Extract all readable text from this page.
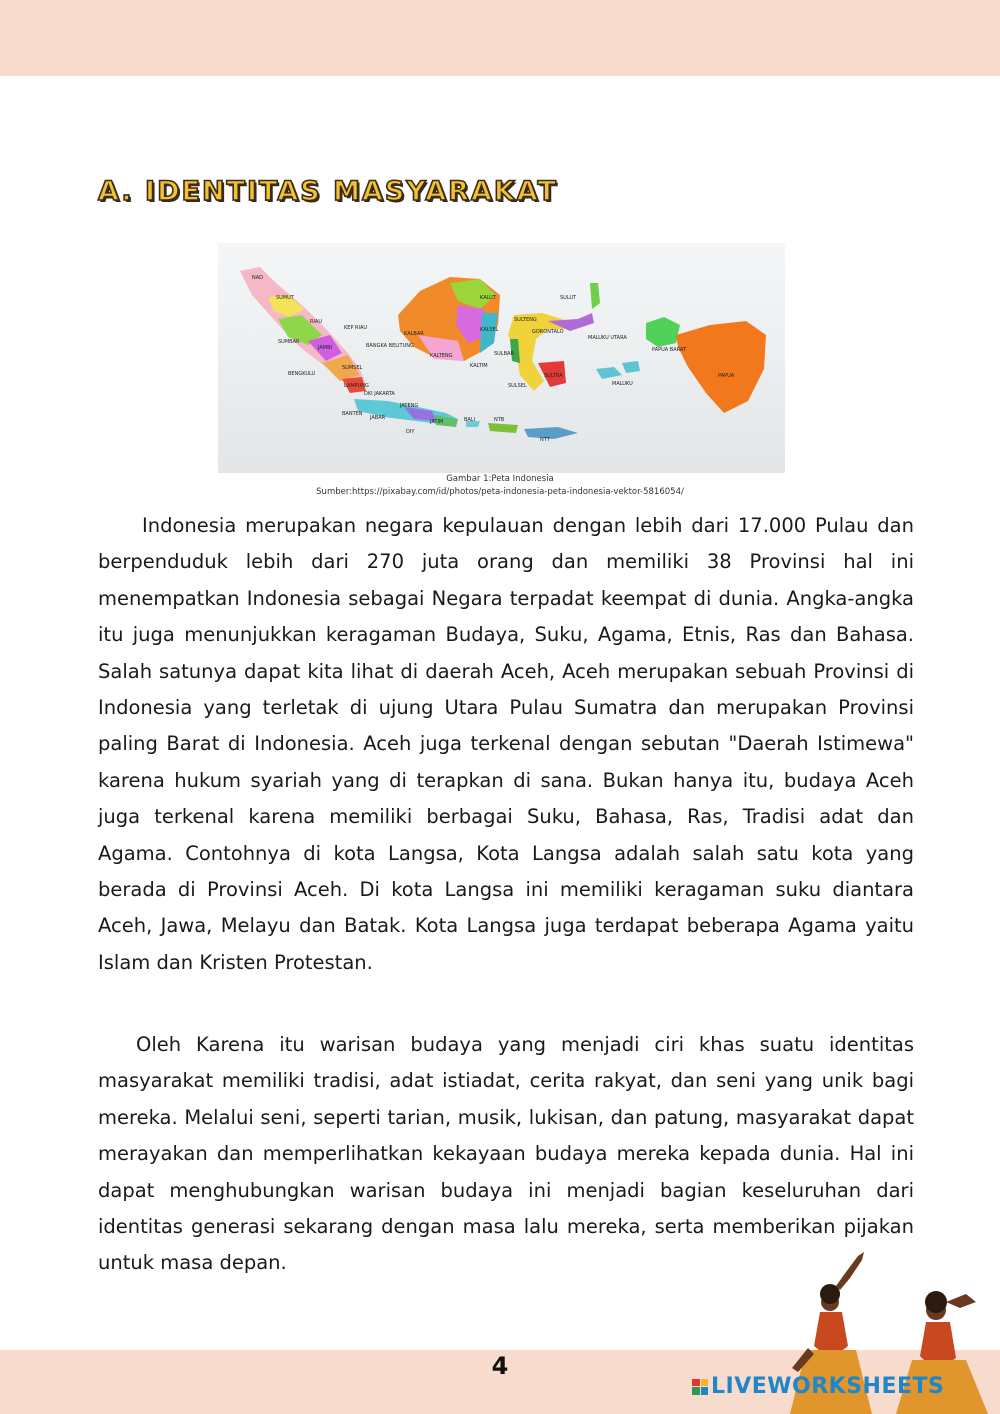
A. IDENTITAS MASYARAKAT
NAD
SUMUT
RIAU
KEP RIAU
SUMBAR
JAMBI	BANGKA BELITUNG
BENGKULU
SUMSEL
LAMPUNG
DKI JAKARTA
BANTEN
JABAR
JATENG
DIY
JATIM	BALI	NTB
NTT
KALBAR
KALTENG
KALSEL
KALTIM
KALUT
SULTENG
SULUT
GORONTALO
SULBAR
SULSEL
SULTRA
MALUKU UTARA
MALUKU
PAPUA BARAT
PAPUA
Gambar 1:Peta Indonesia
Sumber:https://pixabay.com/id/photos/peta-indonesia-peta-indonesia-vektor-5816054/
Indonesia merupakan negara kepulauan dengan lebih dari 17.000 Pulau dan berpenduduk lebih dari 270 juta orang dan memiliki 38 Provinsi hal ini menempatkan Indonesia sebagai Negara terpadat keempat di dunia. Angka-angka itu juga menunjukkan keragaman Budaya, Suku, Agama, Etnis, Ras dan Bahasa. Salah satunya dapat kita lihat di daerah Aceh, Aceh merupakan sebuah Provinsi di Indonesia yang terletak di ujung Utara Pulau Sumatra dan merupakan Provinsi paling Barat di Indonesia. Aceh juga terkenal dengan sebutan "Daerah Istimewa" karena hukum syariah yang di terapkan di sana. Bukan hanya itu, budaya Aceh juga terkenal karena memiliki berbagai Suku, Bahasa, Ras, Tradisi adat dan Agama. Contohnya di kota Langsa, Kota Langsa adalah salah satu kota yang berada di Provinsi Aceh. Di kota Langsa ini memiliki keragaman suku diantara Aceh, Jawa, Melayu dan Batak. Kota Langsa juga terdapat beberapa Agama yaitu Islam dan Kristen Protestan.
Oleh Karena itu warisan budaya yang menjadi ciri khas suatu identitas masyarakat memiliki tradisi, adat istiadat, cerita rakyat, dan seni yang unik bagi mereka. Melalui seni, seperti tarian, musik, lukisan, dan patung, masyarakat dapat merayakan dan memperlihatkan kekayaan budaya mereka kepada dunia. Hal ini dapat menghubungkan warisan budaya ini menjadi bagian keseluruhan dari identitas generasi sekarang dengan masa lalu mereka, serta memberikan pijakan untuk masa depan.
4
LIVEWORKSHEETS
